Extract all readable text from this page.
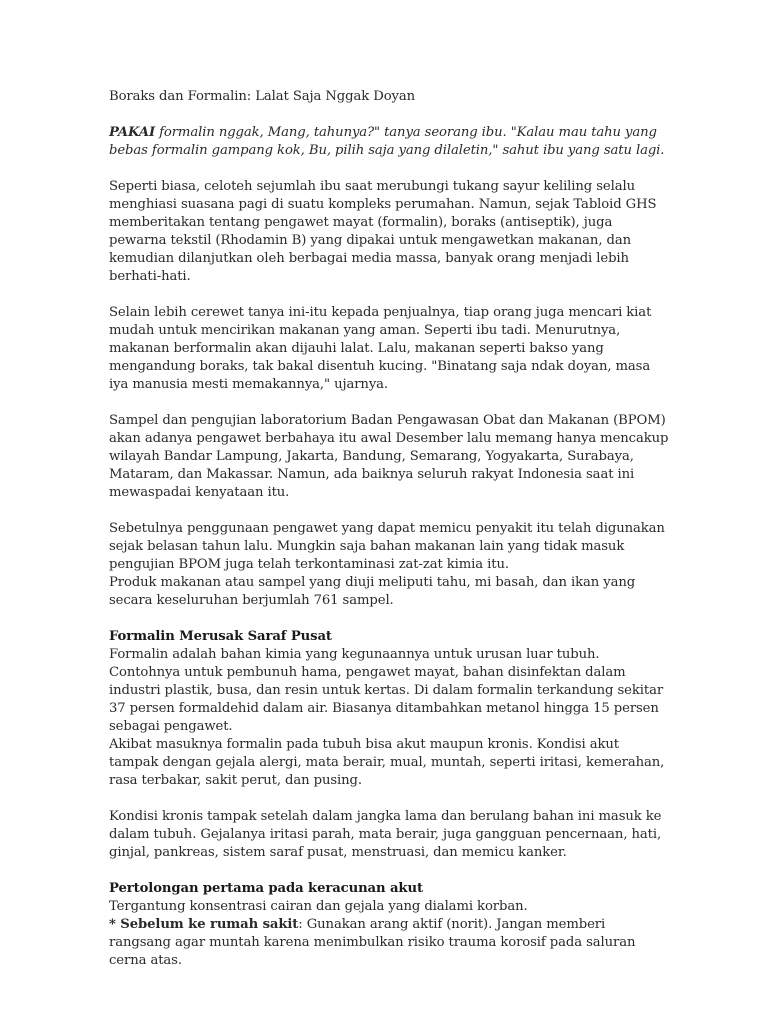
Boraks dan Formalin: Lalat Saja Nggak Doyan

PAKAI formalin nggak, Mang, tahunya?" tanya seorang ibu. "Kalau mau tahu yang bebas formalin gampang kok, Bu, pilih saja yang dilaletin," sahut ibu yang satu lagi.

Seperti biasa, celoteh sejumlah ibu saat merubungi tukang sayur keliling selalu menghiasi suasana pagi di suatu kompleks perumahan. Namun, sejak Tabloid GHS memberitakan tentang pengawet mayat (formalin), boraks (antiseptik), juga pewarna tekstil (Rhodamin B) yang dipakai untuk mengawetkan makanan, dan kemudian dilanjutkan oleh berbagai media massa, banyak orang menjadi lebih berhati-hati.

Selain lebih cerewet tanya ini-itu kepada penjualnya, tiap orang juga mencari kiat mudah untuk mencirikan makanan yang aman. Seperti ibu tadi. Menurutnya, makanan berformalin akan dijauhi lalat. Lalu, makanan seperti bakso yang mengandung boraks, tak bakal disentuh kucing. "Binatang saja ndak doyan, masa iya manusia mesti memakannya," ujarnya.

Sampel dan pengujian laboratorium Badan Pengawasan Obat dan Makanan (BPOM) akan adanya pengawet berbahaya itu awal Desember lalu memang hanya mencakup wilayah Bandar Lampung, Jakarta, Bandung, Semarang, Yogyakarta, Surabaya, Mataram, dan Makassar. Namun, ada baiknya seluruh rakyat Indonesia saat ini mewaspadai kenyataan itu.

Sebetulnya penggunaan pengawet yang dapat memicu penyakit itu telah digunakan sejak belasan tahun lalu. Mungkin saja bahan makanan lain yang tidak masuk pengujian BPOM juga telah terkontaminasi zat-zat kimia itu.

Produk makanan atau sampel yang diuji meliputi tahu, mi basah, dan ikan yang secara keseluruhan berjumlah 761 sampel.

Formalin Merusak Saraf Pusat

Formalin adalah bahan kimia yang kegunaannya untuk urusan luar tubuh. Contohnya untuk pembunuh hama, pengawet mayat, bahan disinfektan dalam industri plastik, busa, dan resin untuk kertas. Di dalam formalin terkandung sekitar 37 persen formaldehid dalam air. Biasanya ditambahkan metanol hingga 15 persen sebagai pengawet.

Akibat masuknya formalin pada tubuh bisa akut maupun kronis. Kondisi akut tampak dengan gejala alergi, mata berair, mual, muntah, seperti iritasi, kemerahan, rasa terbakar, sakit perut, dan pusing.

Kondisi kronis tampak setelah dalam jangka lama dan berulang bahan ini masuk ke dalam tubuh. Gejalanya iritasi parah, mata berair, juga gangguan pencernaan, hati, ginjal, pankreas, sistem saraf pusat, menstruasi, dan memicu kanker.

Pertolongan pertama pada keracunan akut

Tergantung konsentrasi cairan dan gejala yang dialami korban.

* Sebelum ke rumah sakit: Gunakan arang aktif (norit). Jangan memberi rangsang agar muntah karena menimbulkan risiko trauma korosif pada saluran cerna atas.
